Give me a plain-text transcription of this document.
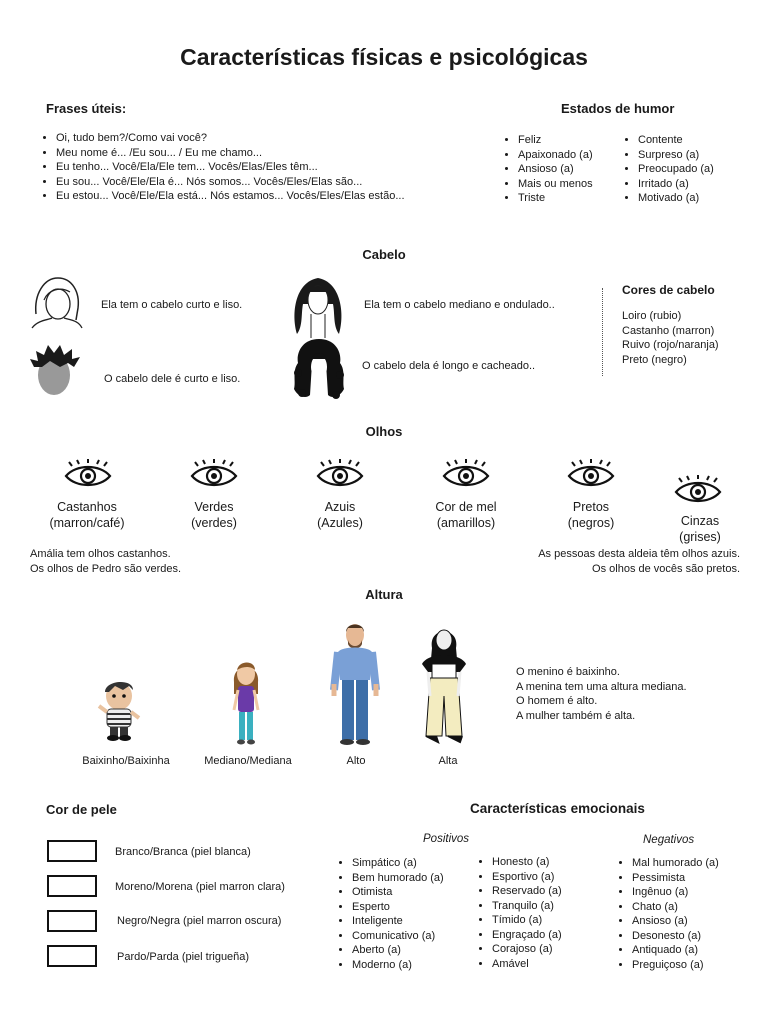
Características físicas e psicológicas
Frases úteis:
• Oi, tudo bem?/Como vai você?
• Meu nome é... /Eu sou... / Eu me chamo...
• Eu tenho... Você/Ela/Ele tem... Vocês/Elas/Eles têm...
• Eu sou... Você/Ele/Ela é... Nós somos... Vocês/Eles/Elas são...
• Eu estou... Você/Ele/Ela está... Nós estamos... Vocês/Eles/Elas estão...
Estados de humor
• Feliz
• Apaixonado (a)
• Ansioso (a)
• Mais ou menos
• Triste
• Contente
• Surpreso (a)
• Preocupado (a)
• Irritado (a)
• Motivado (a)
Cabelo
Ela tem o cabelo curto e liso.	Ela tem o cabelo mediano e ondulado..
O cabelo dele é curto e liso.
O cabelo dela é longo e cacheado..
Cores de cabelo
Loiro (rubio)
Castanho (marron)
Ruivo (rojo/naranja)
Preto (negro)
Olhos
Castanhos
(marron/café)
Verdes
(verdes)
Azuis
(Azules)
Cor de mel
(amarillos)
Pretos
(negros)	Cinzas
(grises)
Amália tem olhos castanhos.
Os olhos de Pedro são verdes.
As pessoas desta aldeia têm olhos azuis.
Os olhos de vocês são pretos.
Altura
Baixinho/Baixinha	Mediano/Mediana	Alto	Alta
O menino é baixinho.
A menina tem uma altura mediana.
O homem é alto.
A mulher também é alta.
Cor de pele
Branco/Branca (piel blanca)
Moreno/Morena (piel marron clara)
Negro/Negra (piel marron oscura)
Pardo/Parda (piel trigueña)
Características emocionais
Positivos	Negativos
• Simpático (a)
• Bem humorado (a)
• Otimista
• Esperto
• Inteligente
• Comunicativo (a)
• Aberto (a)
• Moderno (a)
• Honesto (a)
• Esportivo (a)
• Reservado (a)
• Tranquilo (a)
• Tímido (a)
• Engraçado (a)
• Corajoso (a)
• Amável
• Mal humorado (a)
• Pessimista
• Ingênuo (a)
• Chato (a)
• Ansioso (a)
• Desonesto (a)
• Antiquado (a)
• Preguiçoso (a)
